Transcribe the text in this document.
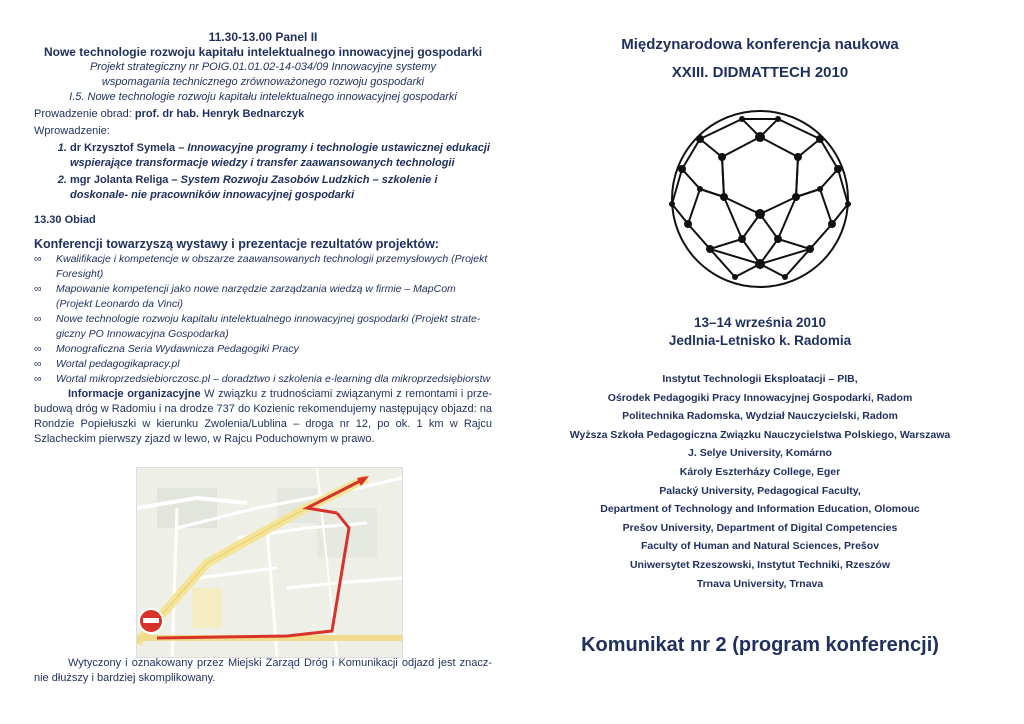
11.30-13.00 Panel II
Nowe technologie rozwoju kapitału intelektualnego innowacyjnej gospodarki
Projekt strategiczny nr POIG.01.01.02-14-034/09 Innowacyjne systemy
wspomagania technicznego zrównoważonego rozwoju gospodarki
I.5. Nowe technologie rozwoju kapitału intelektualnego innowacyjnej gospodarki
Prowadzenie obrad: prof. dr hab. Henryk Bednarczyk
Wprowadzenie:
1. dr Krzysztof Symela – Innowacyjne programy i technologie ustawicznej edukacji wspierające transformacje wiedzy i transfer zaawansowanych technologii
2. mgr Jolanta Religa – System Rozwoju Zasobów Ludzkich – szkolenie i doskonale- nie pracowników innowacyjnej gospodarki
13.30 Obiad
Konferencji towarzyszą wystawy i prezentacje rezultatów projektów:
∞ Kwalifikacje i kompetencje w obszarze zaawansowanych technologii przemysłowych (Projekt Foresight)
∞ Mapowanie kompetencji jako nowe narzędzie zarządzania wiedzą w firmie – MapCom (Projekt Leonardo da Vinci)
∞ Nowe technologie rozwoju kapitału intelektualnego innowacyjnej gospodarki (Projekt strate- giczny PO Innowacyjna Gospodarka)
∞ Monograficzna Seria Wydawnicza Pedagogiki Pracy
∞ Wortal pedagogikapracy.pl
∞ Wortal mikroprzedsiebiorczosc.pl – doradztwo i szkolenia e-learning dla mikroprzedsiębiorstw
Informacje organizacyjne W związku z trudnościami związanymi z remontami i prze- budową dróg w Radomiu i na drodze 737 do Kozienic rekomendujemy następujący objazd: na Rondzie Popiełuszki w kierunku Zwolenia/Lublina – droga nr 12, po ok. 1 km w Rajcu Szlacheckim pierwszy zjazd w lewo, w Rajcu Poduchownym w prawo.
Wytyczony i oznakowany przez Miejski Zarząd Dróg i Komunikacji odjazd jest znacz- nie dłuższy i bardziej skomplikowany.

Międzynarodowa konferencja naukowa

XXIII. DIDMATTECH 2010

13–14 września 2010

Jedlnia-Letnisko k. Radomia

Instytut Technologii Eksploatacji – PIB,

Ośrodek Pedagogiki Pracy Innowacyjnej Gospodarki, Radom

Politechnika Radomska, Wydział Nauczycielski, Radom

Wyższa Szkoła Pedagogiczna Związku Nauczycielstwa Polskiego, Warszawa

J. Selye University, Komárno

Károly Eszterházy College, Eger

Palacký University, Pedagogical Faculty,

Department of Technology and Information Education, Olomouc

Prešov University, Department of Digital Competencies

Faculty of Human and Natural Sciences, Prešov

Uniwersytet Rzeszowski, Instytut Techniki, Rzeszów

Trnava University, Trnava

Komunikat nr 2 (program konferencji)
